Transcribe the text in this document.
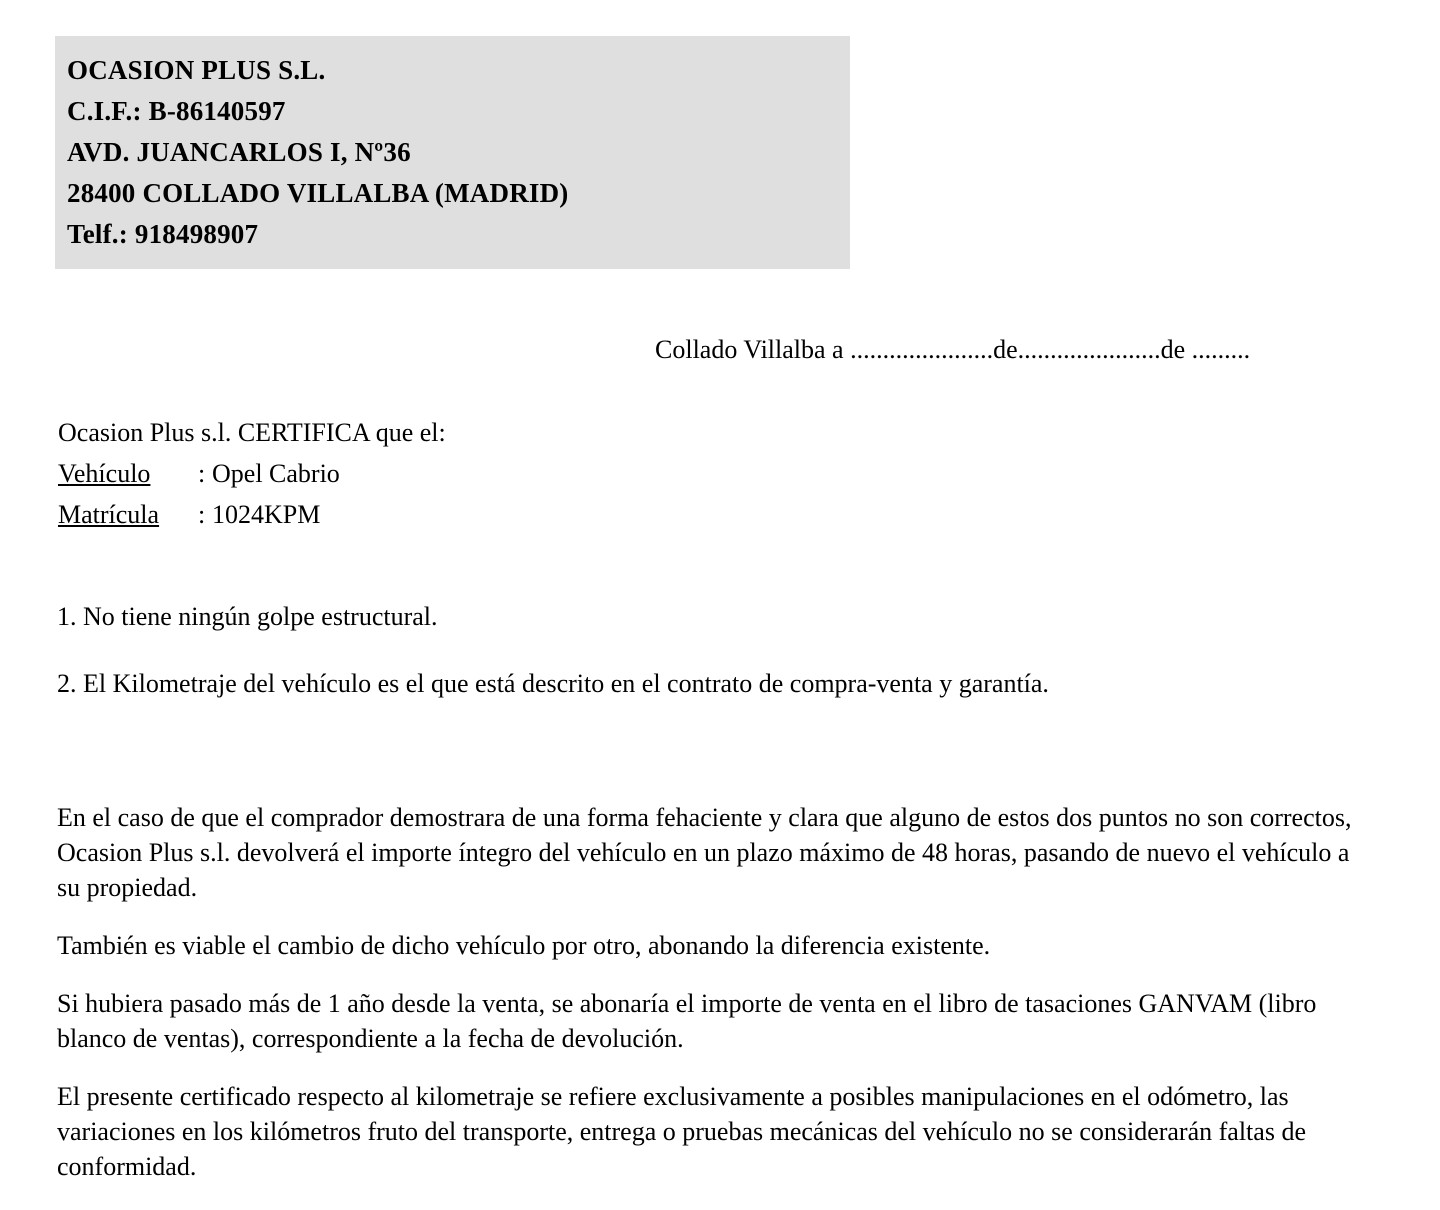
OCASION PLUS S.L.
C.I.F.: B-86140597
AVD. JUANCARLOS I, Nº36
28400 COLLADO VILLALBA (MADRID)
Telf.: 918498907
Collado Villalba a ......................de......................de .........
Ocasion Plus s.l. CERTIFICA que el:
Vehículo : Opel Cabrio
Matrícula : 1024KPM
1. No tiene ningún golpe estructural.
2. El Kilometraje del vehículo es el que está descrito en el contrato de compra-venta y garantía.

En el caso de que el comprador demostrara de una forma fehaciente y clara que alguno de estos dos puntos no son correctos, Ocasion Plus s.l. devolverá el importe íntegro del vehículo en un plazo máximo de 48 horas, pasando de nuevo el vehículo a su propiedad.

También es viable el cambio de dicho vehículo por otro, abonando la diferencia existente.

Si hubiera pasado más de 1 año desde la venta, se abonaría el importe de venta en el libro de tasaciones GANVAM (libro blanco de ventas), correspondiente a la fecha de devolución.

El presente certificado respecto al kilometraje se refiere exclusivamente a posibles manipulaciones en el odómetro, las variaciones en los kilómetros fruto del transporte, entrega o pruebas mecánicas del vehículo no se considerarán faltas de conformidad.
